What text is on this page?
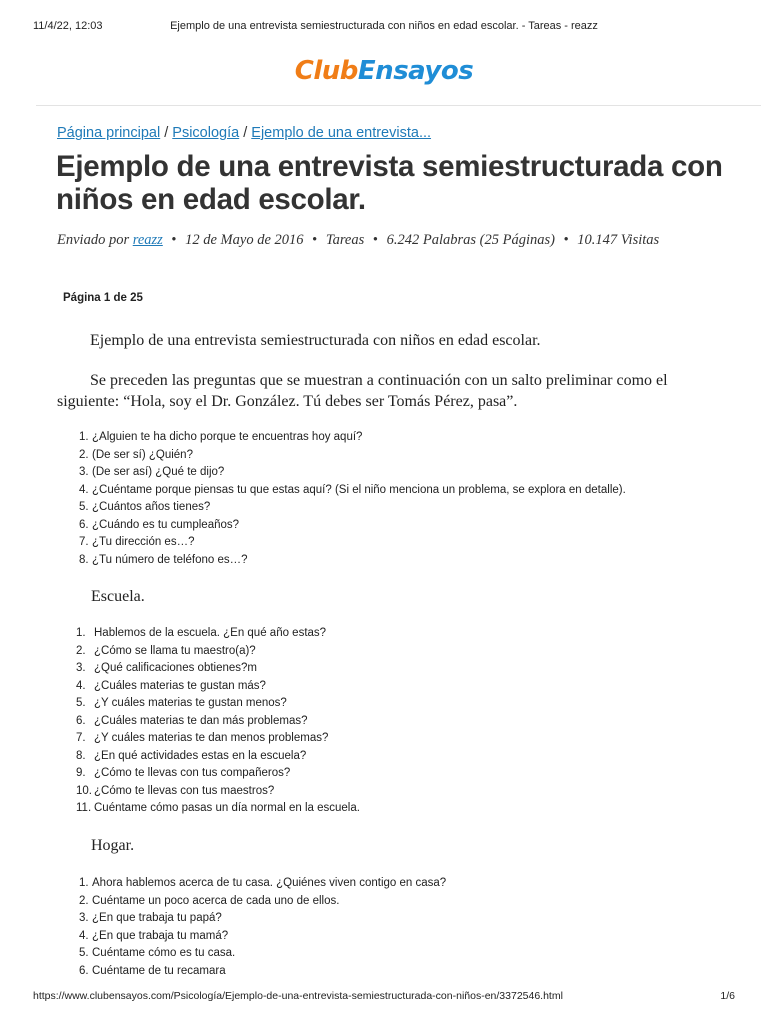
11/4/22, 12:03	Ejemplo de una entrevista semiestructurada con niños en edad escolar. - Tareas - reazz
ClubEnsayos
Página principal / Psicología / Ejemplo de una entrevista...
Ejemplo de una entrevista semiestructurada con niños en edad escolar.
Enviado por reazz • 12 de Mayo de 2016 • Tareas • 6.242 Palabras (25 Páginas) • 10.147 Visitas
Página 1 de 25
Ejemplo de una entrevista semiestructurada con niños en edad escolar.
Se preceden las preguntas que se muestran a continuación con un salto preliminar como el siguiente: “Hola, soy el Dr. González. Tú debes ser Tomás Pérez, pasa”.
1. ¿Alguien te ha dicho porque te encuentras hoy aquí?
2. (De ser sí) ¿Quién?
3. (De ser así) ¿Qué te dijo?
4. ¿Cuéntame porque piensas tu que estas aquí? (Si el niño menciona un problema, se explora en detalle).
5. ¿Cuántos años tienes?
6. ¿Cuándo es tu cumpleaños?
7. ¿Tu dirección es…?
8. ¿Tu número de teléfono es…?
Escuela.
1. Hablemos de la escuela. ¿En qué año estas?
2. ¿Cómo se llama tu maestro(a)?
3. ¿Qué calificaciones obtienes?m
4. ¿Cuáles materias te gustan más?
5. ¿Y cuáles materias te gustan menos?
6. ¿Cuáles materias te dan más problemas?
7. ¿Y cuáles materias te dan menos problemas?
8. ¿En qué actividades estas en la escuela?
9. ¿Cómo te llevas con tus compañeros?
10. ¿Cómo te llevas con tus maestros?
11. Cuéntame cómo pasas un día normal en la escuela.
Hogar.
1. Ahora hablemos acerca de tu casa. ¿Quiénes viven contigo en casa?
2. Cuéntame un poco acerca de cada uno de ellos.
3. ¿En que trabaja tu papá?
4. ¿En que trabaja tu mamá?
5. Cuéntame cómo es tu casa.
6. Cuéntame de tu recamara
https://www.clubensayos.com/Psicología/Ejemplo-de-una-entrevista-semiestructurada-con-niños-en/3372546.html	1/6
